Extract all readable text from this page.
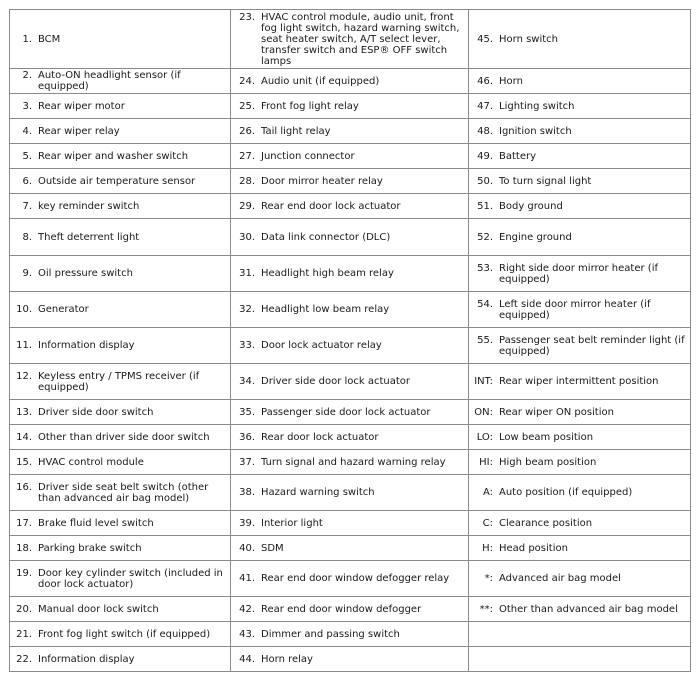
1. BCM	23. HVAC control module, audio unit, front fog light switch, hazard warning switch, seat heater switch, A/T select lever, transfer switch and ESP® OFF switch lamps	45. Horn switch

2. Auto-ON headlight sensor (if equipped)	24. Audio unit (if equipped)	46. Horn

3. Rear wiper motor	25. Front fog light relay	47. Lighting switch

4. Rear wiper relay	26. Tail light relay	48. Ignition switch

5. Rear wiper and washer switch	27. Junction connector	49. Battery

6. Outside air temperature sensor	28. Door mirror heater relay	50. To turn signal light

7. key reminder switch	29. Rear end door lock actuator	51. Body ground

8. Theft deterrent light	30. Data link connector (DLC)	52. Engine ground

9. Oil pressure switch	31. Headlight high beam relay	53. Right side door mirror heater (if equipped)

10. Generator	32. Headlight low beam relay	54. Left side door mirror heater (if equipped)

11. Information display	33. Door lock actuator relay	55. Passenger seat belt reminder light (if equipped)

12. Keyless entry / TPMS receiver (if equipped)	34. Driver side door lock actuator	INT: Rear wiper intermittent position

13. Driver side door switch	35. Passenger side door lock actuator	ON: Rear wiper ON position

14. Other than driver side door switch	36. Rear door lock actuator	LO: Low beam position

15. HVAC control module	37. Turn signal and hazard warning relay	HI: High beam position

16. Driver side seat belt switch (other than advanced air bag model)	38. Hazard warning switch	A: Auto position (if equipped)

17. Brake fluid level switch	39. Interior light	C: Clearance position

18. Parking brake switch	40. SDM	H: Head position

19. Door key cylinder switch (included in door lock actuator)	41. Rear end door window defogger relay	*: Advanced air bag model

20. Manual door lock switch	42. Rear end door window defogger	**: Other than advanced air bag model

21. Front fog light switch (if equipped)	43. Dimmer and passing switch	

22. Information display	44. Horn relay	
